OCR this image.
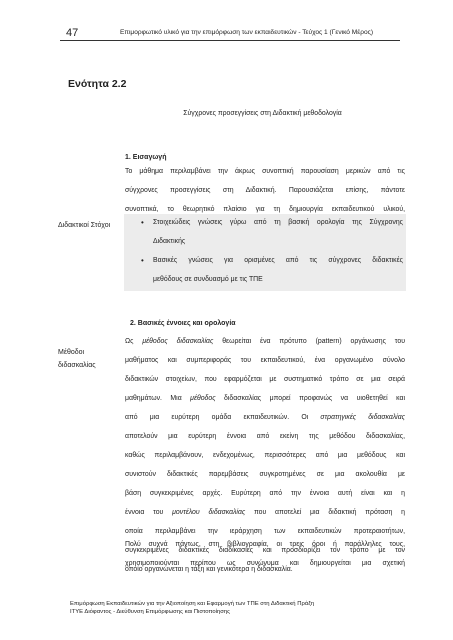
47	Επιμορφωτικό υλικό για την επιμόρφωση των εκπαιδευτικών - Τεύχος 1 (Γενικό Μέρος)
Ενότητα 2.2
Σύγχρονες προσεγγίσεις στη Διδακτική μεθοδολογία
1. Εισαγωγή
Το μάθημα περιλαμβάνει την άκρως συνοπτική παρουσίαση μερικών από τις
σύγχρονες προσεγγίσεις στη Διδακτική. Παρουσιάζεται επίσης, πάντοτε
συνοπτικά, το θεωρητικό πλαίσιο για τη δημιουργία εκπαιδευτικού υλικού,
Διδακτικοί Στόχοι	• Στοιχειώδεις γνώσεις γύρω από τη βασική ορολογία της Σύγχρονης
Διδακτικής
• Βασικές γνώσεις για ορισμένες από τις σύγχρονες διδακτικές
μεθόδους σε συνδυασμό με τις ΤΠΕ
2. Βασικές έννοιες και ορολογία
Μέθοδοι
διδασκαλίας
Ως μέθοδος διδασκαλίας θεωρείται ένα πρότυπο (pattern) οργάνωσης του
μαθήματος και συμπεριφοράς του εκπαιδευτικού, ένα οργανωμένο σύνολο
διδακτικών στοιχείων, που εφαρμόζεται με συστηματικό τρόπο σε μια σειρά
μαθημάτων. Μια μέθοδος διδασκαλίας μπορεί προφανώς να υιοθετηθεί και
από μια ευρύτερη ομάδα εκπαιδευτικών. Οι στρατηγικές διδασκαλίας
αποτελούν μια ευρύτερη έννοια από εκείνη της μεθόδου διδασκαλίας,
καθώς περιλαμβάνουν, ενδεχομένως, περισσότερες από μια μεθόδους και
συνιστούν διδακτικές παρεμβάσεις συγκροτημένες σε μια ακολουθία με
βάση συγκεκριμένες αρχές. Ευρύτερη από την έννοια αυτή είναι και η
έννοια του μοντέλου διδασκαλίας που αποτελεί μια διδακτική πρόταση η
οποία περιλαμβάνει την ιεράρχηση των εκπαιδευτικών προτεραιοτήτων,
συγκεκριμένες διδακτικές διαδικασίες και προσδιορίζει τον τρόπο με τον
οποίο οργανώνεται η τάξη και γενικότερα η διδασκαλία.
Πολύ συχνά πάντως, στη βιβλιογραφία, οι τρεις όροι ή παράλληλες τους,
χρησιμοποιούνται περίπου ως συνώνυμα και δημιουργείται μια σχετική
Επιμόρφωση Εκπαιδευτικών για την Αξιοποίηση και Εφαρμογή των ΤΠΕ στη Διδακτική Πράξη
ΙΤΥΕ Διόφαντος - Διεύθυνση Επιμόρφωσης και Πιστοποίησης
